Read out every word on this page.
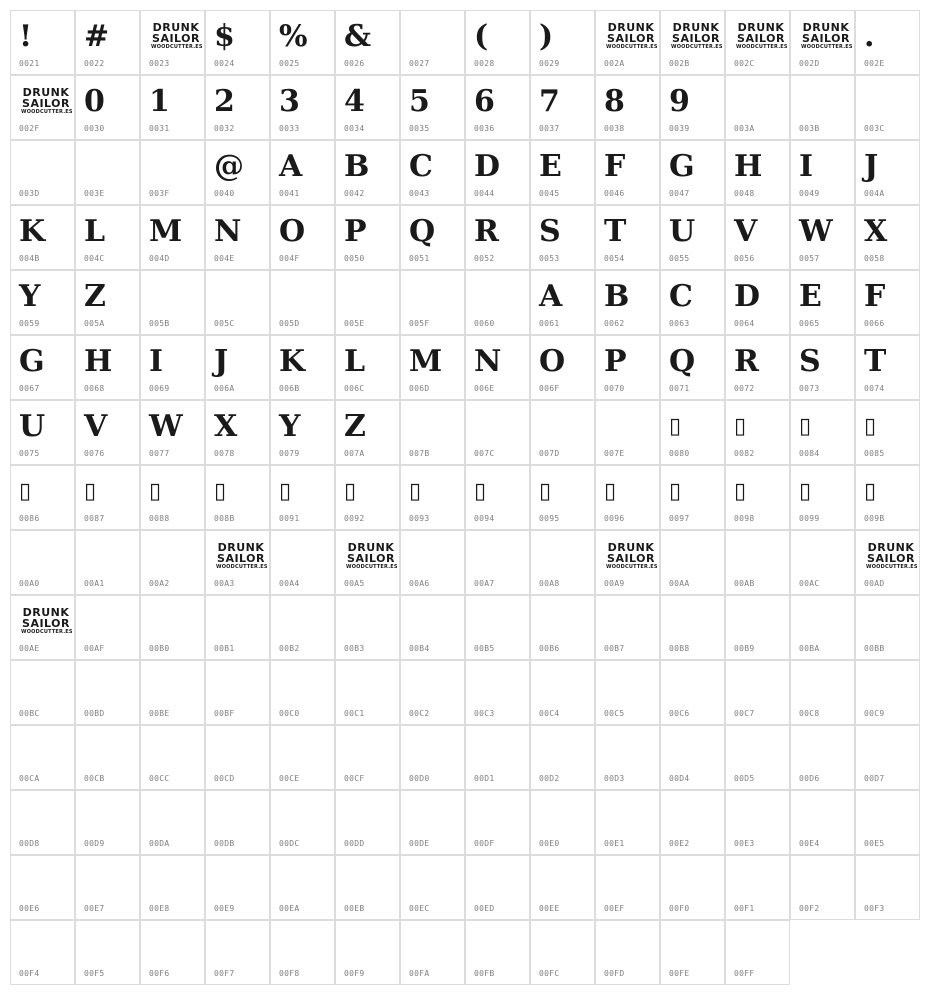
!
0021
#
0022
DRUNK
SAILOR
WOODCUTTER.ES
0023
$
0024
%
0025
&
0026	0027
(
0028
)
0029
DRUNK
SAILOR
WOODCUTTER.ES
002A
DRUNK
SAILOR
WOODCUTTER.ES
002B
DRUNK
SAILOR
WOODCUTTER.ES
002C
DRUNK
SAILOR
WOODCUTTER.ES
002D
.
002E
DRUNK
SAILOR
WOODCUTTER.ES
002F
0
0030
1
0031
2
0032
3
0033
4
0034
5
0035
6
0036
7
0037
8
0038
9
0039	003A	003B	003C
003D	003E	003F
@
0040
A
0041
B
0042
C
0043
D
0044
E
0045
F
0046
G
0047
H
0048
I
0049
J
004A
K
004B
L
004C
M
004D
N
004E
O
004F
P
0050
Q
0051
R
0052
S
0053
T
0054
U
0055
V
0056
W
0057
X
0058
Y
0059
Z
005A	005B	005C	005D	005E	005F	0060
A
0061
B
0062
C
0063
D
0064
E
0065
F
0066
G
0067
H
0068
I
0069
J
006A
K
006B
L
006C
M
006D
N
006E
O
006F
P
0070
Q
0071
R
0072
S
0073
T
0074
U
0075
V
0076
W
0077
X
0078
Y
0079
Z
007A	007B	007C	007D	007E
▯
0080
▯
0082
▯
0084
▯
0085
▯
0086
▯
0087
▯
0088
▯
008B
▯
0091
▯
0092
▯
0093
▯
0094
▯
0095
▯
0096
▯
0097
▯
0098
▯
0099
▯
009B
00A0	00A1	00A2
DRUNK
SAILOR
WOODCUTTER.ES
00A3	00A4
DRUNK
SAILOR
WOODCUTTER.ES
00A5	00A6	00A7	00A8
DRUNK
SAILOR
WOODCUTTER.ES
00A9	00AA	00AB	00AC
DRUNK
SAILOR
WOODCUTTER.ES
00AD
DRUNK
SAILOR
WOODCUTTER.ES
00AE	00AF	00B0	00B1	00B2	00B3	00B4	00B5	00B6	00B7	00B8	00B9	00BA	00BB
00BC	00BD	00BE	00BF	00C0	00C1	00C2	00C3	00C4	00C5	00C6	00C7	00C8	00C9
00CA	00CB	00CC	00CD	00CE	00CF	00D0	00D1	00D2	00D3	00D4	00D5	00D6	00D7
00D8	00D9	00DA	00DB	00DC	00DD	00DE	00DF	00E0	00E1	00E2	00E3	00E4	00E5
00E6	00E7	00E8	00E9	00EA	00EB	00EC	00ED	00EE	00EF	00F0	00F1	00F2	00F3
00F4	00F5	00F6	00F7	00F8	00F9	00FA	00FB	00FC	00FD	00FE	00FF
